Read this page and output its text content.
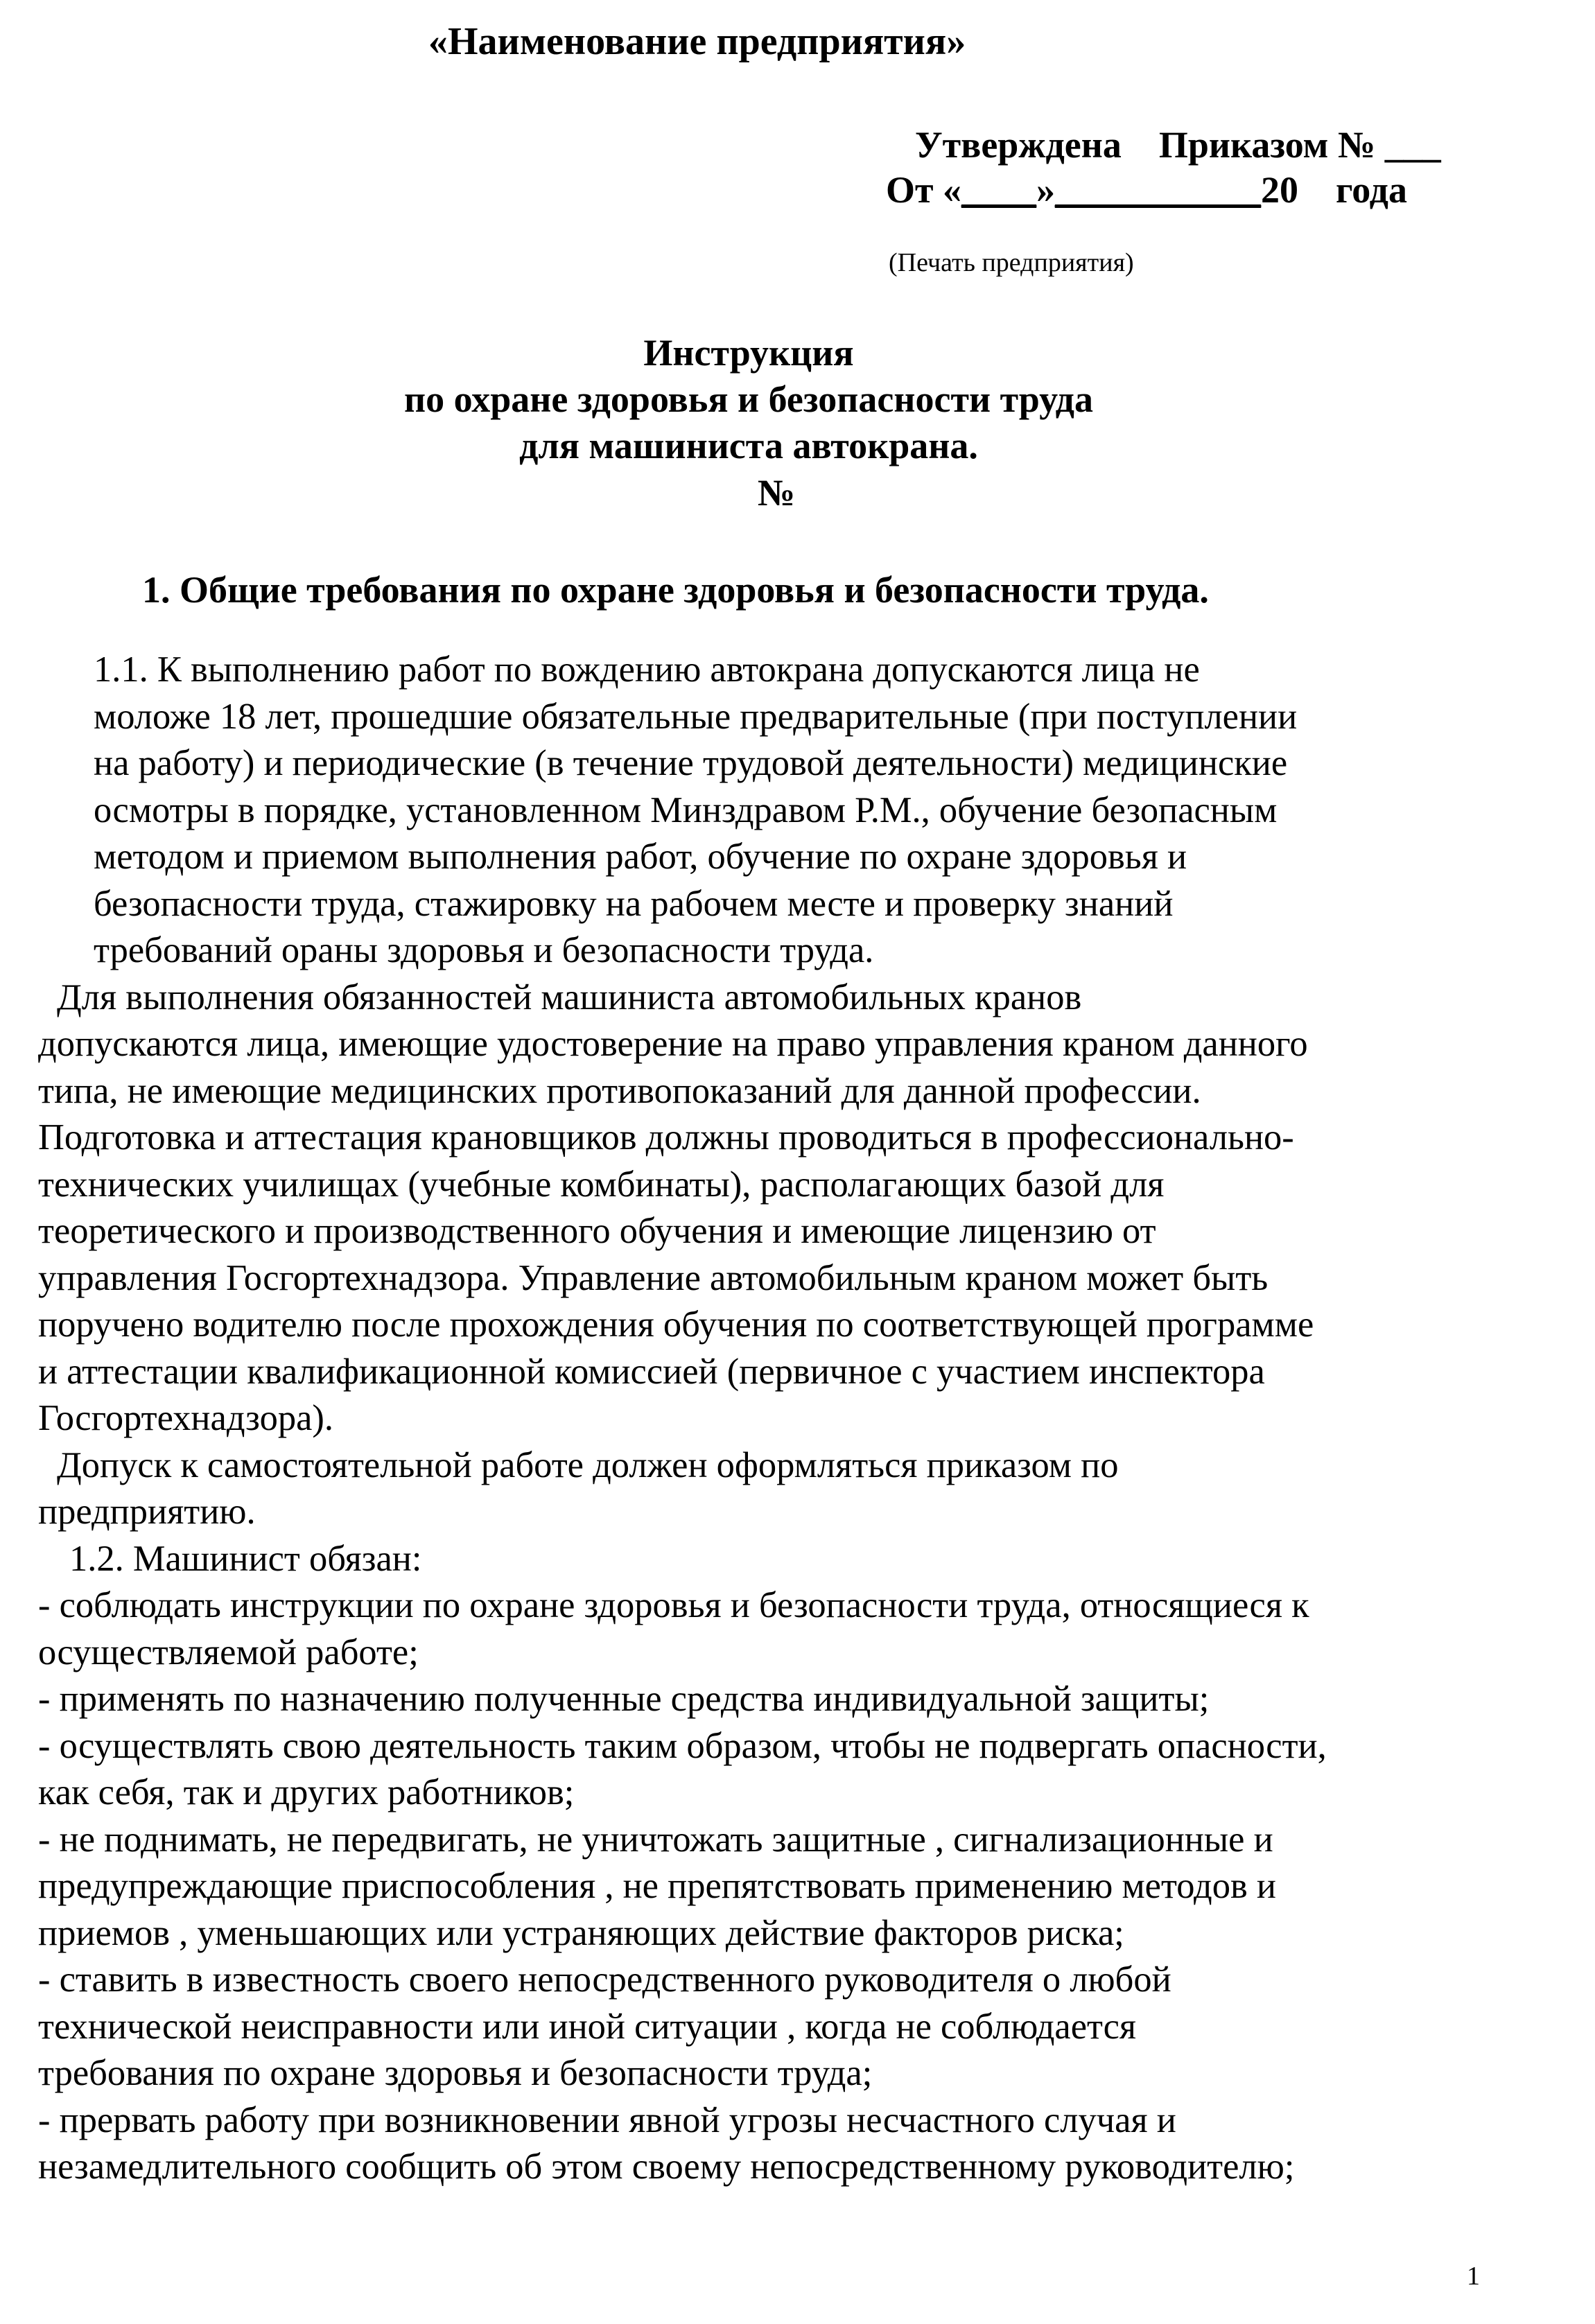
«Наименование предприятия»

Утверждена Приказом № ___
От «____»___________20 года

(Печать предприятия)

Инструкция

по охране здоровья и безопасности труда

для машиниста автокрана.

№

1. Общие требования по охране здоровья и безопасности труда.

1.1. К выполнению работ по вождению автокрана допускаются лица не

моложе 18 лет, прошедшие обязательные предварительные (при поступлении

на работу) и периодические (в течение трудовой деятельности) медицинские

осмотры в порядке, установленном Минздравом Р.М., обучение безопасным

методом и приемом выполнения работ, обучение по охране здоровья и

безопасности труда, стажировку на рабочем месте и проверку знаний

требований ораны здоровья и безопасности труда.

Для выполнения обязанностей машиниста автомобильных кранов

допускаются лица, имеющие удостоверение на право управления краном данного

типа, не имеющие медицинских противопоказаний для данной профессии.

Подготовка и аттестация крановщиков должны проводиться в профессионально-

технических училищах (учебные комбинаты), располагающих базой для

теоретического и производственного обучения и имеющие лицензию от

управления Госгортехнадзора. Управление автомобильным краном может быть

поручено водителю после прохождения обучения по соответствующей программе

и аттестации квалификационной комиссией (первичное с участием инспектора

Госгортехнадзора).

Допуск к самостоятельной работе должен оформляться приказом по

предприятию.

1.2. Машинист обязан:

- соблюдать инструкции по охране здоровья и безопасности труда, относящиеся к

осуществляемой работе;

- применять по назначению полученные средства индивидуальной защиты;

- осуществлять свою деятельность таким образом, чтобы не подвергать опасности,

как себя, так и других работников;

- не поднимать, не передвигать, не уничтожать защитные , сигнализационные и

предупреждающие приспособления , не препятствовать применению методов и

приемов , уменьшающих или устраняющих действие факторов риска;

- ставить в известность своего непосредственного руководителя о любой

технической неисправности или иной ситуации , когда не соблюдается

требования по охране здоровья и безопасности труда;

- прервать работу при возникновении явной угрозы несчастного случая и

незамедлительного сообщить об этом своему непосредственному руководителю;

1
